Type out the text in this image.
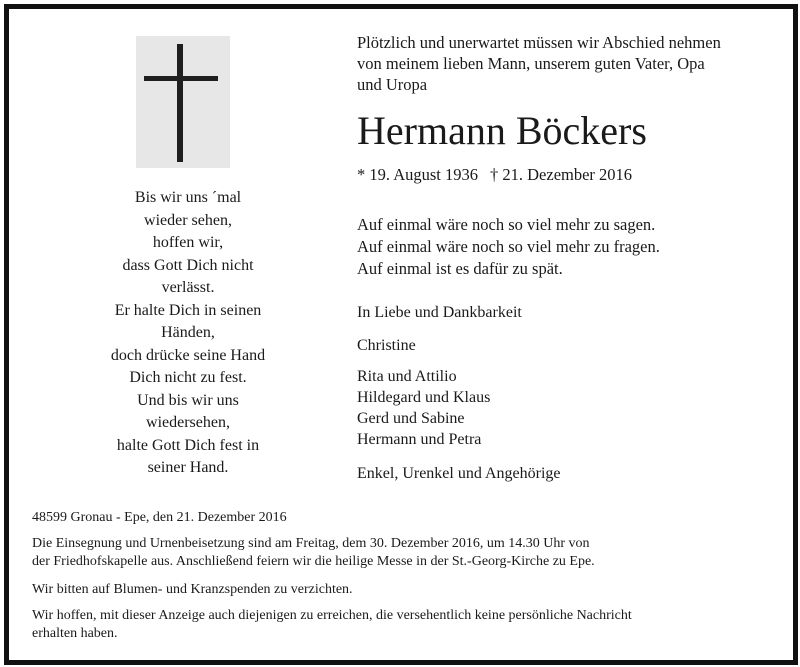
Bis wir uns ´mal
wieder sehen,
hoffen wir,
dass Gott Dich nicht
verlässt.
Er halte Dich in seinen
Händen,
doch drücke seine Hand
Dich nicht zu fest.
Und bis wir uns
wiedersehen,
halte Gott Dich fest in
seiner Hand.
Plötzlich und unerwartet müssen wir Abschied nehmen
von meinem lieben Mann, unserem guten Vater, Opa
und Uropa
Hermann Böckers
* 19. August 1936 † 21. Dezember 2016
Auf einmal wäre noch so viel mehr zu sagen.
Auf einmal wäre noch so viel mehr zu fragen.
Auf einmal ist es dafür zu spät.
In Liebe und Dankbarkeit
Christine
Rita und Attilio
Hildegard und Klaus
Gerd und Sabine
Hermann und Petra
Enkel, Urenkel und Angehörige
48599 Gronau - Epe, den 21. Dezember 2016
Die Einsegnung und Urnenbeisetzung sind am Freitag, dem 30. Dezember 2016, um 14.30 Uhr von
der Friedhofskapelle aus. Anschließend feiern wir die heilige Messe in der St.-Georg-Kirche zu Epe.
Wir bitten auf Blumen- und Kranzspenden zu verzichten.
Wir hoffen, mit dieser Anzeige auch diejenigen zu erreichen, die versehentlich keine persönliche Nachricht
erhalten haben.
